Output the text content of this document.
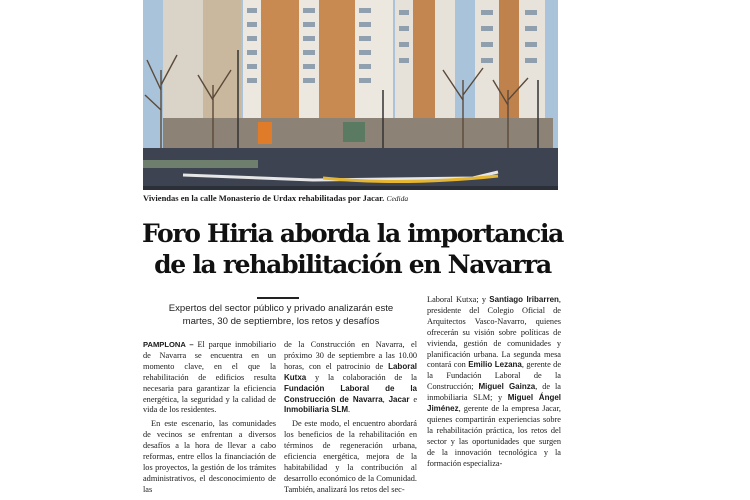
Viviendas en la calle Monasterio de Urdax rehabilitadas por Jacar. Cedida
Foro Hiria aborda la importancia
de la rehabilitación en Navarra
Expertos del sector público y privado analizarán este
martes, 30 de septiembre, los retos y desafíos

PAMPLONA – El parque inmobiliario de Navarra se encuentra en un momento clave, en el que la rehabilitación de edificios resulta necesaria para garantizar la eficiencia energética, la seguridad y la calidad de vida de los residentes.

En este escenario, las comunidades de vecinos se enfrentan a diversos desafíos a la hora de llevar a cabo reformas, entre ellos la financiación de los proyectos, la gestión de los trámites administrativos, el desconocimiento de las

de la Construcción en Navarra, el próximo 30 de septiembre a las 10.00 horas, con el patrocinio de Laboral Kutxa y la colaboración de la Fundación Laboral de la Construcción de Navarra, Jacar e Inmobiliaria SLM.

De este modo, el encuentro abordará los beneficios de la rehabilitación en términos de regeneración urbana, eficiencia energética, mejora de la habitabilidad y la contribución al desarrollo económico de la Comunidad. También, analizará los retos del sec-

Laboral Kutxa; y Santiago Iribarren, presidente del Colegio Oficial de Arquitectos Vasco-Navarro, quienes ofrecerán su visión sobre políticas de vivienda, gestión de comunidades y planificación urbana. La segunda mesa contará con Emilio Lezana, gerente de la Fundación Laboral de la Construcción; Miguel Gainza, de la inmobiliaria SLM; y Miguel Ángel Jiménez, gerente de la empresa Jacar, quienes compartirán experiencias sobre la rehabilitación práctica, los retos del sector y las oportunidades que surgen de la innovación tecnológica y la formación especializa-
